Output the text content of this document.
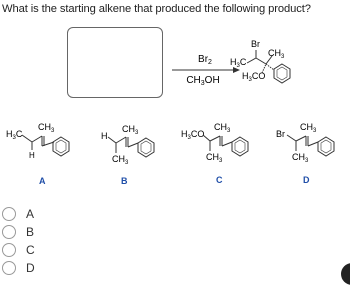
What is the starting alkene that produced the following product?
$Br_2$
$CH_3OH$
Br
$H_3C$
$CH_3$
$H_3CO$
$H_3C$
$CH_3$
H
A
H
$CH_3$
$CH_3$
B
$H_3CO$
$CH_3$
$CH_3$
C
Br
$CH_3$
$CH_3$
D
A
B
C
D
